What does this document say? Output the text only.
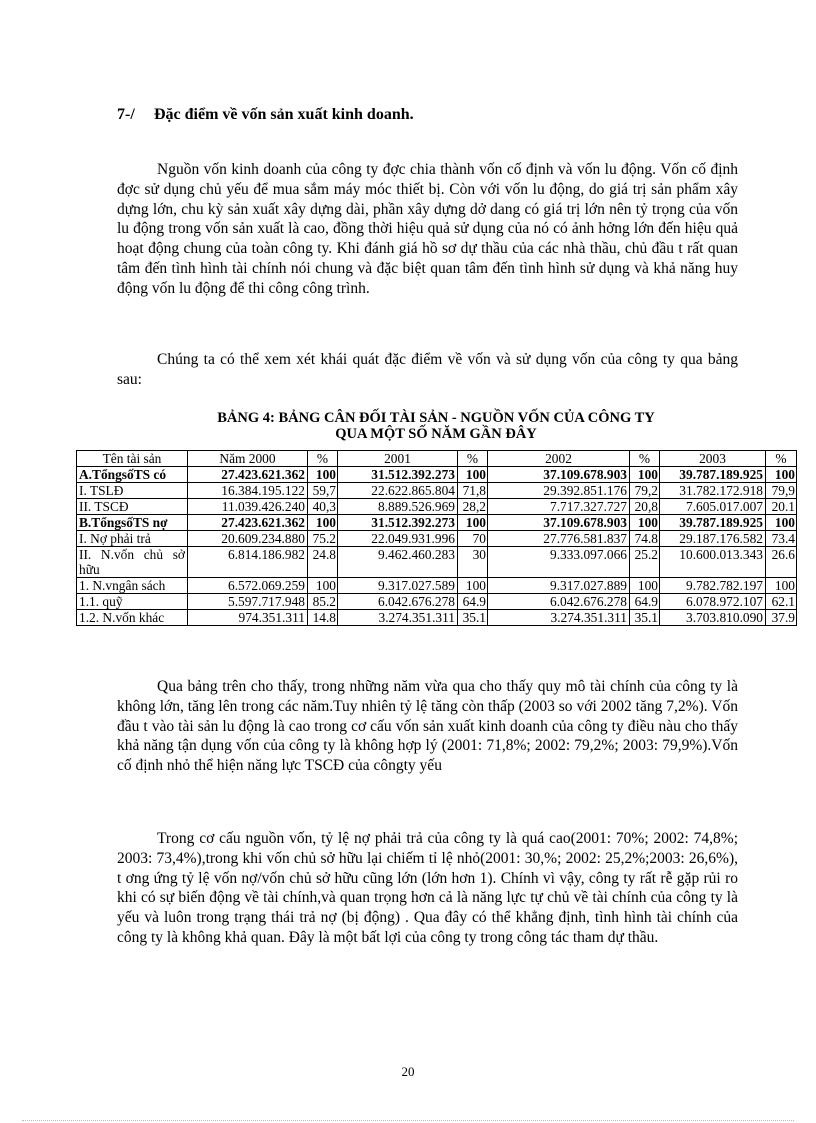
7-/ Đặc điểm về vốn sản xuất kinh doanh.

Nguồn vốn kinh doanh của công ty đợc chia thành vốn cố định và vốn lu động. Vốn cố định đợc sử dụng chủ yếu để mua sắm máy móc thiết bị. Còn với vốn lu động, do giá trị sản phẩm xây dựng lớn, chu kỳ sản xuất xây dựng dài, phần xây dựng dở dang có giá trị lớn nên tỷ trọng của vốn lu động trong vốn sản xuất là cao, đồng thời hiệu quả sử dụng của nó có ảnh hởng lớn đến hiệu quả hoạt động chung của toàn công ty. Khi đánh giá hồ sơ dự thầu của các nhà thầu, chủ đầu t rất quan tâm đến tình hình tài chính nói chung và đặc biệt quan tâm đến tình hình sử dụng và khả năng huy động vốn lu động để thi công công trình.

Chúng ta có thể xem xét khái quát đặc điểm về vốn và sử dụng vốn của công ty qua bảng sau:

BẢNG 4: BẢNG CÂN ĐỐI TÀI SẢN - NGUỒN VỐN CỦA CÔNG TY
QUA MỘT SỐ NĂM GẦN ĐÂY

Tên tài sản	Năm 2000	%	2001	%	2002	%	2003	%
A.TổngsốTS có	27.423.621.362	100	31.512.392.273	100	37.109.678.903	100	39.787.189.925	100
I. TSLĐ	16.384.195.122	59,7	22.622.865.804	71,8	29.392.851.176	79,2	31.782.172.918	79,9
II. TSCĐ	11.039.426.240	40,3	8.889.526.969	28,2	7.717.327.727	20,8	7.605.017.007	20.1
B.TổngsốTS nợ	27.423.621.362	100	31.512.392.273	100	37.109.678.903	100	39.787.189.925	100
I. Nợ phải trả	20.609.234.880	75.2	22.049.931.996	70	27.776.581.837	74.8	29.187.176.582	73.4
II. N.vốn chủ sở hữu	6.814.186.982	24.8	9.462.460.283	30	9.333.097.066	25.2	10.600.013.343	26.6
1. N.vngân sách	6.572.069.259	100	9.317.027.589	100	9.317.027.889	100	9.782.782.197	100
1.1. quỹ	5.597.717.948	85.2	6.042.676.278	64.9	6.042.676.278	64.9	6.078.972.107	62.1
1.2. N.vốn khác	974.351.311	14.8	3.274.351.311	35.1	3.274.351.311	35.1	3.703.810.090	37.9

Qua bảng trên cho thấy, trong những năm vừa qua cho thấy quy mô tài chính của công ty là không lớn, tăng lên trong các năm.Tuy nhiên tỷ lệ tăng còn thấp (2003 so với 2002 tăng 7,2%). Vốn đầu t vào tài sản lu động là cao trong cơ cấu vốn sản xuất kinh doanh của công ty điều nàu cho thấy khả năng tận dụng vốn của công ty là không hợp lý (2001: 71,8%; 2002: 79,2%; 2003: 79,9%).Vốn cố định nhỏ thể hiện năng lực TSCĐ của côngty yếu

Trong cơ cấu nguồn vốn, tỷ lệ nợ phải trả của công ty là quá cao(2001: 70%; 2002: 74,8%; 2003: 73,4%),trong khi vốn chủ sở hữu lại chiếm tỉ lệ nhỏ(2001: 30,%; 2002: 25,2%;2003: 26,6%), t ơng ứng tỷ lệ vốn nợ/vốn chủ sở hữu cũng lớn (lớn hơn 1). Chính vì vậy, công ty rất rễ gặp rủi ro khi có sự biến động về tài chính,và quan trọng hơn cả là năng lực tự chủ về tài chính của công ty là yếu và luôn trong trạng thái trả nợ (bị động) . Qua đây có thể khẳng định, tình hình tài chính của công ty là không khả quan. Đây là một bất lợi của công ty trong công tác tham dự thầu.

20
